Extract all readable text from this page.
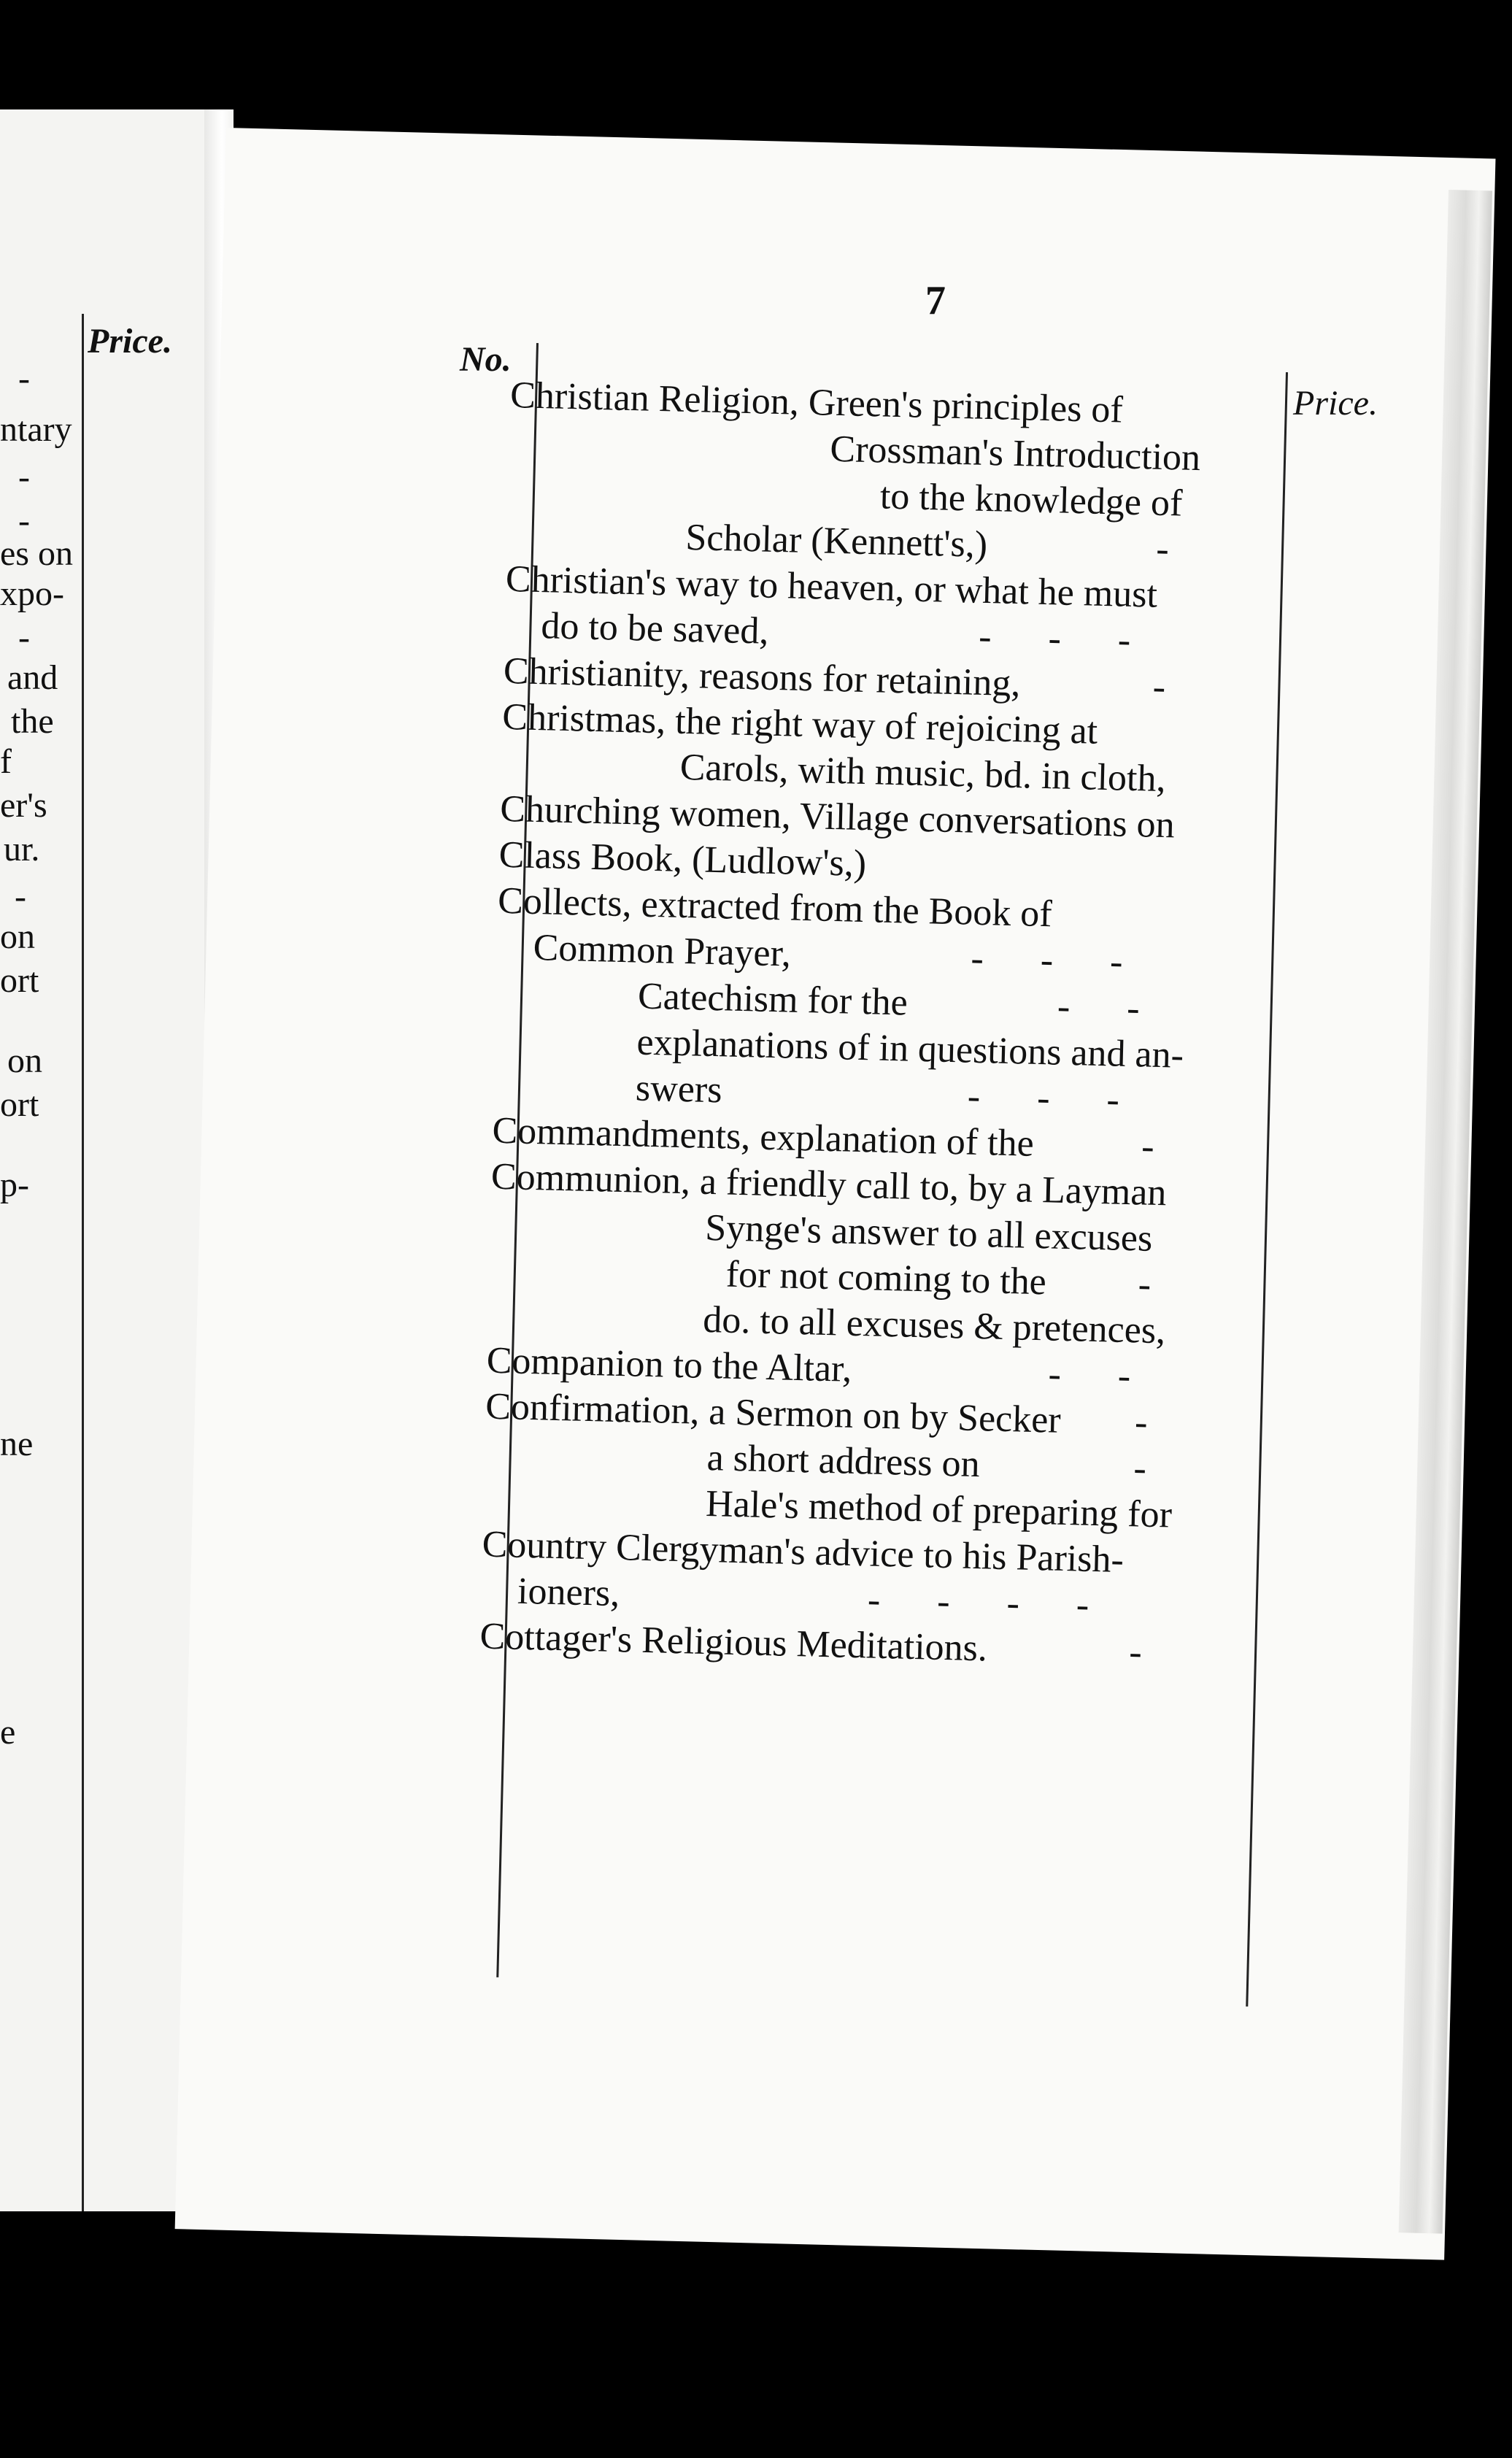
Price.
-
ntary
-
-
es on
xpo-
-
and
the
f
er's
ur.
-
on
ort
on
ort
p-
ne
e
7
No.
Price.
Christian Religion, Green's principles of
Crossman's Introduction
to the knowledge of
Scholar (Kennett's,)	-
Christian's way to heaven, or what he must
do to be saved,	-      -      -
Christianity, reasons for retaining,	-
Christmas, the right way of rejoicing at
Carols, with music, bd. in cloth,
Churching women, Village conversations on
Class Book, (Ludlow's,)
Collects, extracted from the Book of
Common Prayer,	-      -      -
Catechism for the	-      -
explanations of in questions and an-
swers	-      -      -
Commandments, explanation of the	-
Communion, a friendly call to, by a Layman
Synge's answer to all excuses
for not coming to the -
do. to all excuses & pretences,
Companion to the Altar,	-      -
Confirmation, a Sermon on by Secker -
a short address on	-
Hale's method of preparing for
Country Clergyman's advice to his Parish-
ioners,	-      -      -      -
Cottager's Religious Meditations.	-
